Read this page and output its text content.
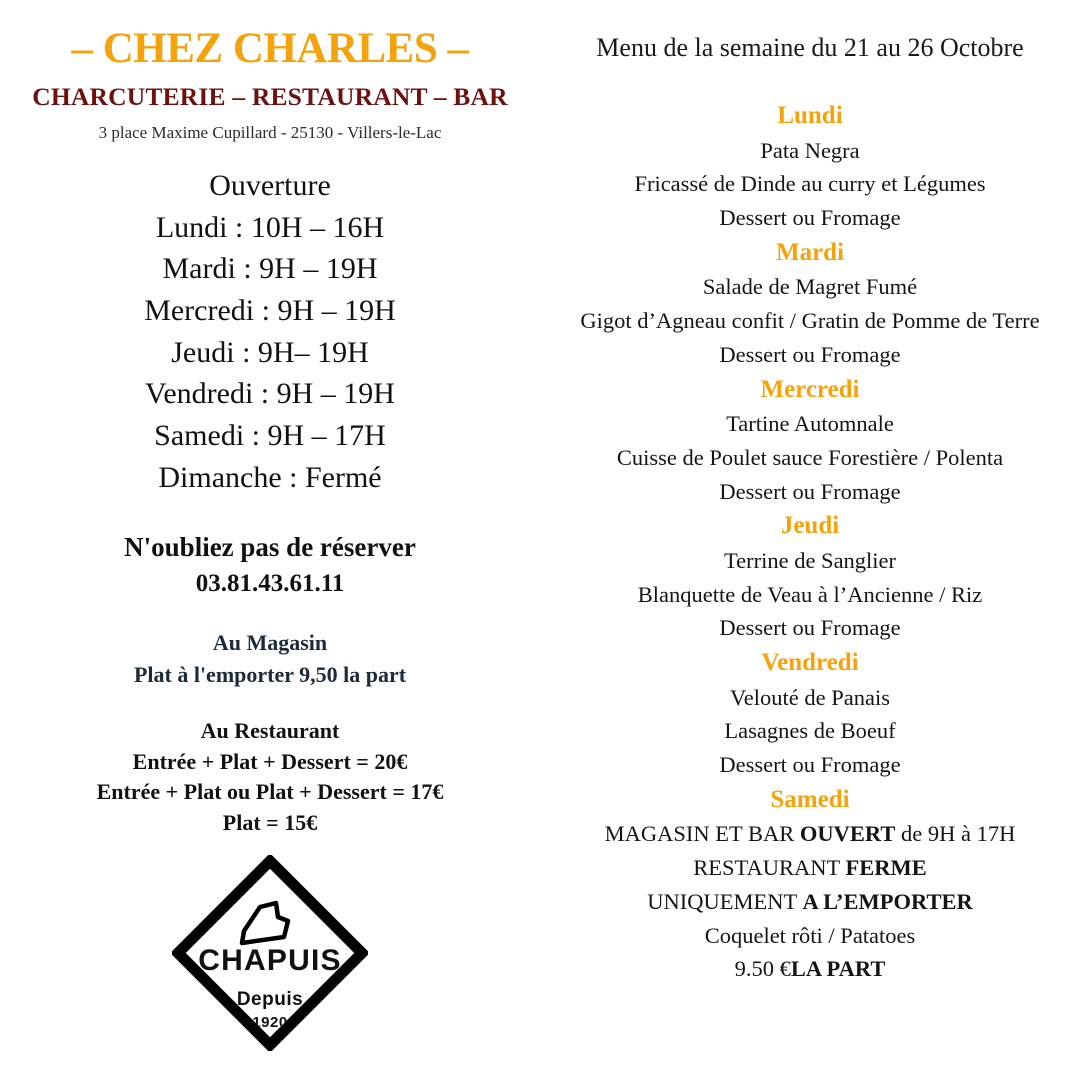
– CHEZ CHARLES –
CHARCUTERIE – RESTAURANT – BAR
3 place Maxime Cupillard - 25130 - Villers-le-Lac
Ouverture
Lundi : 10H – 16H
Mardi : 9H – 19H
Mercredi : 9H – 19H
Jeudi : 9H– 19H
Vendredi : 9H – 19H
Samedi : 9H – 17H
Dimanche : Fermé
N'oubliez pas de réserver
03.81.43.61.11
Au Magasin
Plat à l'emporter 9,50 la part
Au Restaurant
Entrée + Plat + Dessert = 20€
Entrée + Plat ou Plat + Dessert = 17€
Plat = 15€
CHAPUIS
Depuis
1920
Menu de la semaine du 21 au 26 Octobre
Lundi
Pata Negra
Fricassé de Dinde au curry et Légumes
Dessert ou Fromage
Mardi
Salade de Magret Fumé
Gigot d’Agneau confit / Gratin de Pomme de Terre
Dessert ou Fromage
Mercredi
Tartine Automnale
Cuisse de Poulet sauce Forestière / Polenta
Dessert ou Fromage
Jeudi
Terrine de Sanglier
Blanquette de Veau à l’Ancienne / Riz
Dessert ou Fromage
Vendredi
Velouté de Panais
Lasagnes de Boeuf
Dessert ou Fromage
Samedi
MAGASIN ET BAR OUVERT de 9H à 17H
RESTAURANT FERME
UNIQUEMENT A L’EMPORTER
Coquelet rôti / Patatoes
9.50 €LA PART
